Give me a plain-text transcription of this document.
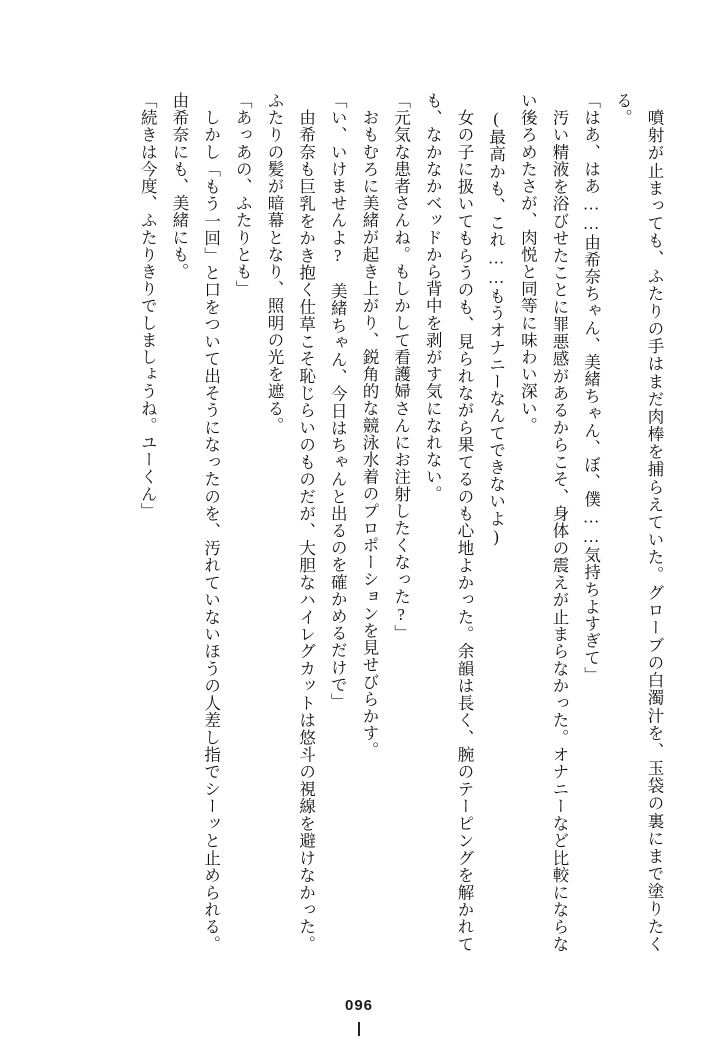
噴射が止まっても、ふたりの手はまだ肉棒を捕らえていた。グローブの白濁汁を、玉袋の裏にまで塗りたくる。

「はあ、はあ……由希奈ちゃん、美緒ちゃん、ぼ、僕……気持ちよすぎて」

汚い精液を浴びせたことに罪悪感があるからこそ、身体の震えが止まらなかった。オナニーなど比較にならない後ろめたさが、肉悦と同等に味わい深い。

(最高かも、これ……もうオナニーなんてできないよ)

女の子に扱いてもらうのも、見られながら果てるのも心地よかった。余韻は長く、腕のテーピングを解かれても、なかなかベッドから背中を剥がす気になれない。

「元気な患者さんね。もしかして看護婦さんにお注射したくなった?」

おもむろに美緒が起き上がり、鋭角的な競泳水着のプロポーションを見せびらかす。

「い、いけませんよ?　美緒ちゃん、今日はちゃんと出るのを確かめるだけで」

由希奈も巨乳をかき抱く仕草こそ恥じらいのものだが、大胆なハイレグカットは悠斗の視線を避けなかった。ふたりの髪が暗幕となり、照明の光を遮る。

「あっあの、ふたりとも」

しかし「もう一回」と口をついて出そうになったのを、汚れていないほうの人差し指でシーッと止められる。由希奈にも、美緒にも。

「続きは今度、ふたりきりでしましょうね。ユーくん」

096
